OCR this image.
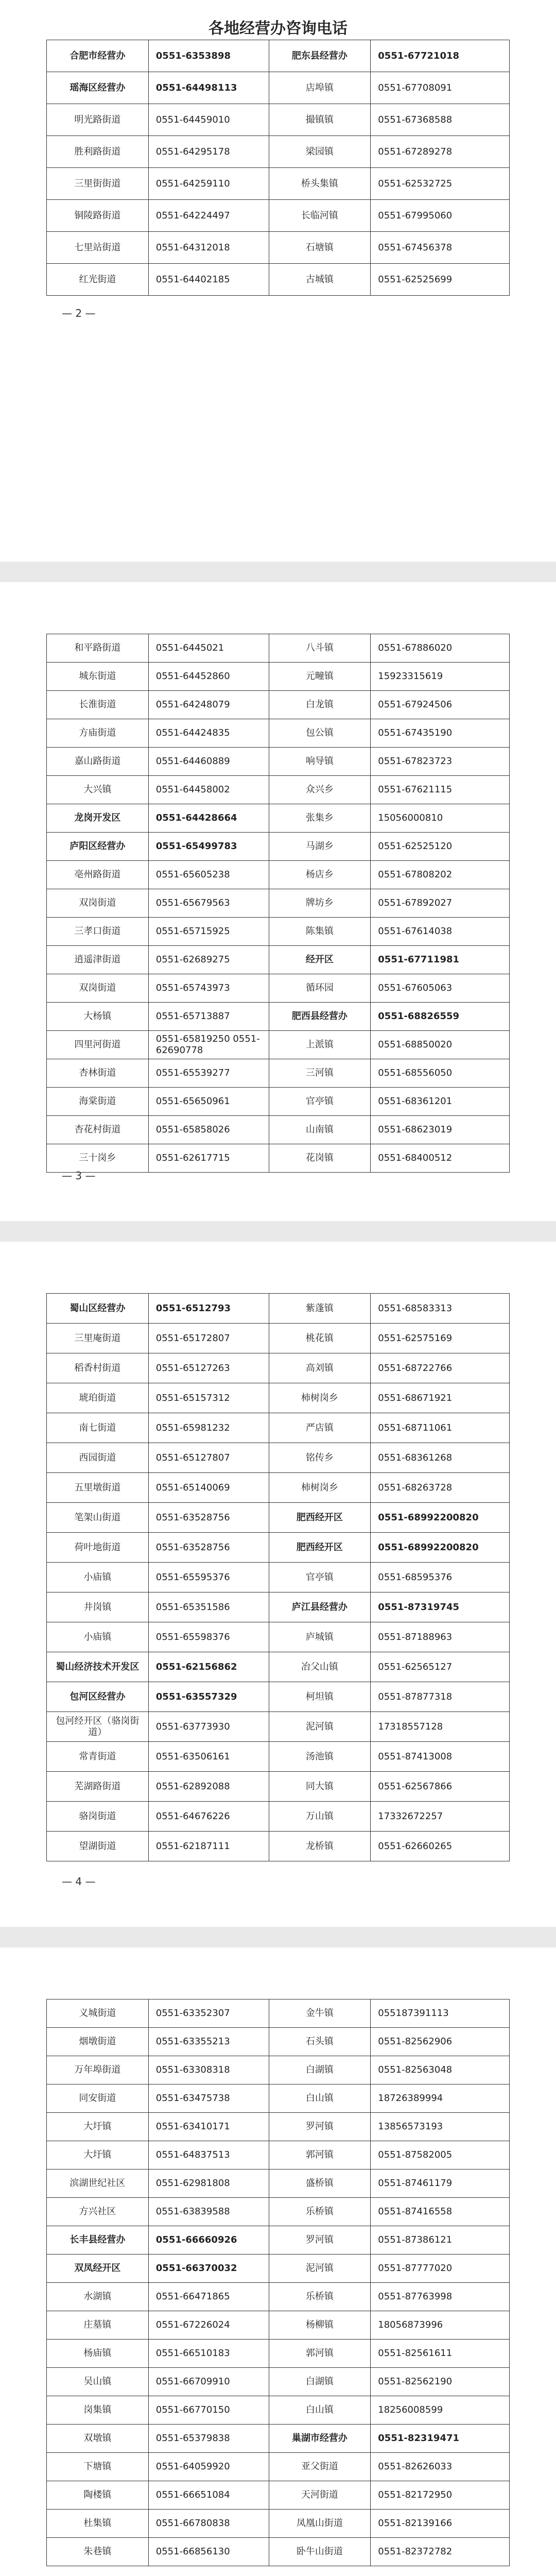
各地经营办咨询电话
合肥市经营办	0551-6353898	肥东县经营办	0551-67721018
瑶海区经营办	0551-64498113	店埠镇	0551-67708091
明光路街道	0551-64459010	撮镇镇	0551-67368588
胜利路街道	0551-64295178	梁园镇	0551-67289278
三里街街道	0551-64259110	桥头集镇	0551-62532725
铜陵路街道	0551-64224497	长临河镇	0551-67995060
七里站街道	0551-64312018	石塘镇	0551-67456378
红光街道	0551-64402185	古城镇	0551-62525699
— 2 —
和平路街道	0551-6445021	八斗镇	0551-67886020
城东街道	0551-64452860	元疃镇	15923315619
长淮街道	0551-64248079	白龙镇	0551-67924506
方庙街道	0551-64424835	包公镇	0551-67435190
嘉山路街道	0551-64460889	响导镇	0551-67823723
大兴镇	0551-64458002	众兴乡	0551-67621115
龙岗开发区	0551-64428664	张集乡	15056000810
庐阳区经营办	0551-65499783	马湖乡	0551-62525120
亳州路街道	0551-65605238	杨店乡	0551-67808202
双岗街道	0551-65679563	牌坊乡	0551-67892027
三孝口街道	0551-65715925	陈集镇	0551-67614038
逍遥津街道	0551-62689275	经开区	0551-67711981
双岗街道	0551-65743973	循环园	0551-67605063
大杨镇	0551-65713887	肥西县经营办	0551-68826559
四里河街道	0551-65819250 0551-62690778	上派镇	0551-68850020
杏林街道	0551-65539277	三河镇	0551-68556050
海棠街道	0551-65650961	官亭镇	0551-68361201
杏花村街道	0551-65858026	山南镇	0551-68623019
三十岗乡	0551-62617715	花岗镇	0551-68400512
— 3 —
蜀山区经营办	0551-6512793	紫蓬镇	0551-68583313
三里庵街道	0551-65172807	桃花镇	0551-62575169
稻香村街道	0551-65127263	高刘镇	0551-68722766
琥珀街道	0551-65157312	柿树岗乡	0551-68671921
南七街道	0551-65981232	严店镇	0551-68711061
西园街道	0551-65127807	铭传乡	0551-68361268
五里墩街道	0551-65140069	柿树岗乡	0551-68263728
笔架山街道	0551-63528756	肥西经开区	0551-68992200820
荷叶地街道	0551-63528756	肥西经开区	0551-68992200820
小庙镇	0551-65595376	官亭镇	0551-68595376
井岗镇	0551-65351586	庐江县经营办	0551-87319745
小庙镇	0551-65598376	庐城镇	0551-87188963
蜀山经济技术开发区	0551-62156862	冶父山镇	0551-62565127
包河区经营办	0551-63557329	柯坦镇	0551-87877318
包河经开区（骆岗街道）	0551-63773930	泥河镇	17318557128
常青街道	0551-63506161	汤池镇	0551-87413008
芜湖路街道	0551-62892088	同大镇	0551-62567866
骆岗街道	0551-64676226	万山镇	17332672257
望湖街道	0551-62187111	龙桥镇	0551-62660265
— 4 —
义城街道	0551-63352307	金牛镇	055187391113
烟墩街道	0551-63355213	石头镇	0551-82562906
万年埠街道	0551-63308318	白湖镇	0551-82563048
同安街道	0551-63475738	白山镇	18726389994
大圩镇	0551-63410171	罗河镇	13856573193
大圩镇	0551-64837513	郭河镇	0551-87582005
滨湖世纪社区	0551-62981808	盛桥镇	0551-87461179
方兴社区	0551-63839588	乐桥镇	0551-87416558
长丰县经营办	0551-66660926	罗河镇	0551-87386121
双凤经开区	0551-66370032	泥河镇	0551-87777020
水湖镇	0551-66471865	乐桥镇	0551-87763998
庄墓镇	0551-67226024	杨柳镇	18056873996
杨庙镇	0551-66510183	郭河镇	0551-82561611
吴山镇	0551-66709910	白湖镇	0551-82562190
岗集镇	0551-66770150	白山镇	18256008599
双墩镇	0551-65379838	巢湖市经营办	0551-82319471
下塘镇	0551-64059920	亚父街道	0551-82626033
陶楼镇	0551-66651084	天河街道	0551-82172950
杜集镇	0551-66780838	凤凰山街道	0551-82139166
朱巷镇	0551-66856130	卧牛山街道	0551-82372782
